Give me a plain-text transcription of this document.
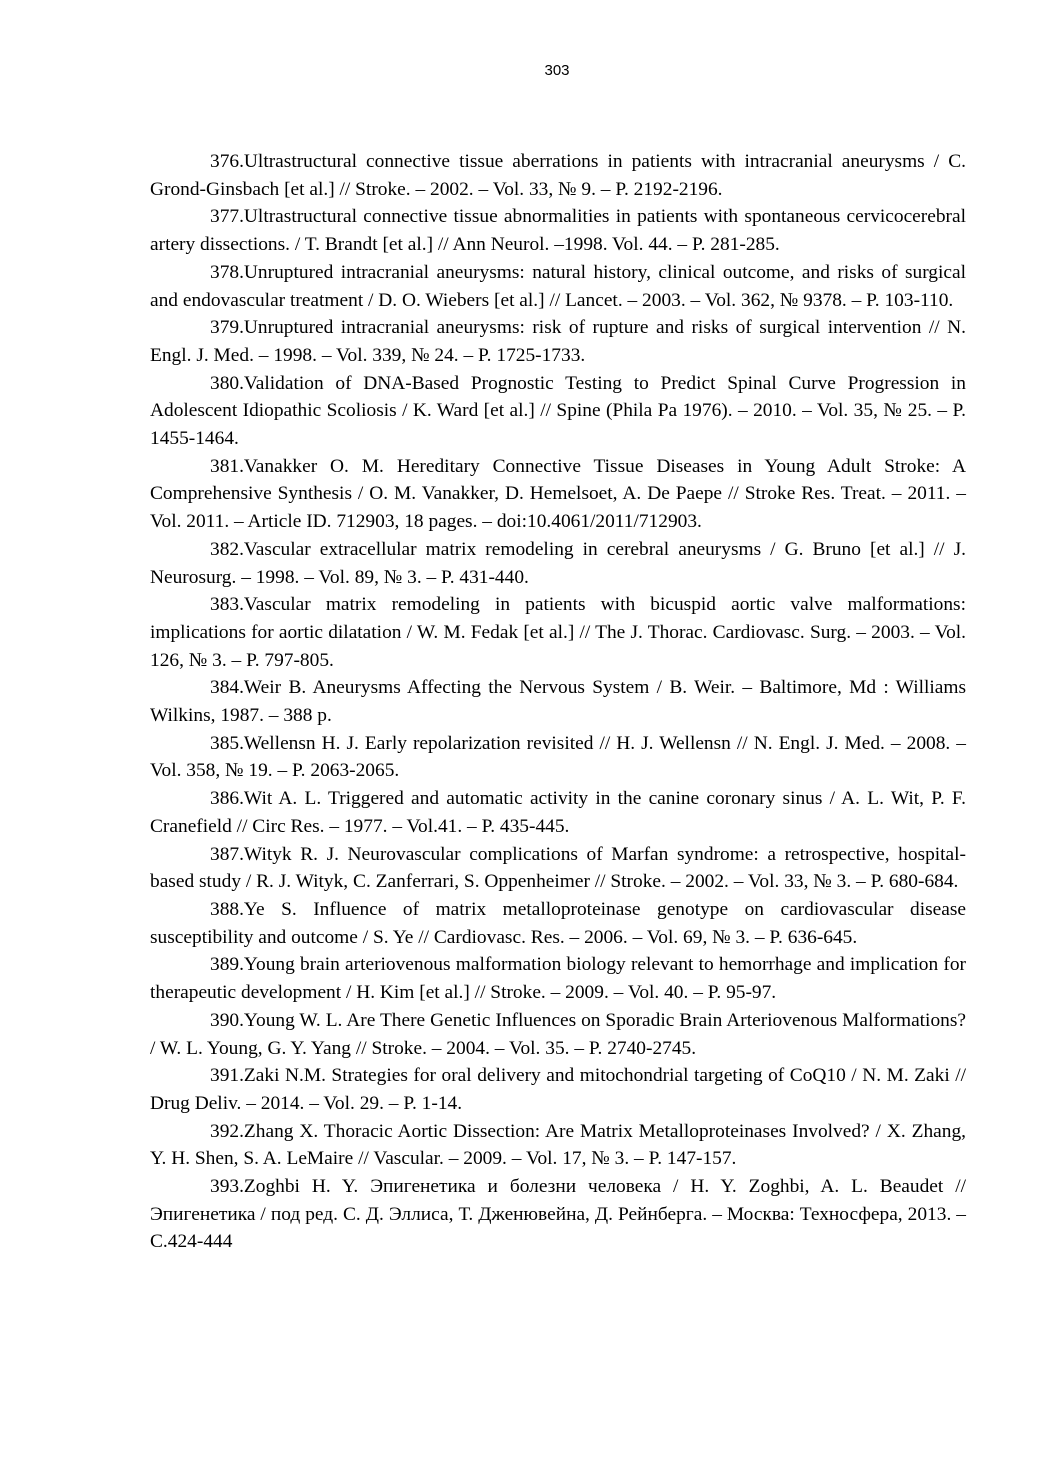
303

376.Ultrastructural connective tissue aberrations in patients with intracranial aneurysms / C. Grond-Ginsbach [et al.] // Stroke. – 2002. – Vol. 33, № 9. – P. 2192-2196.

377.Ultrastructural connective tissue abnormalities in patients with spontaneous cervicocerebral artery dissections. / T. Brandt [et al.] // Ann Neurol. –1998. Vol. 44. – P. 281-285.

378.Unruptured intracranial aneurysms: natural history, clinical outcome, and risks of surgical and endovascular treatment / D. O. Wiebers [et al.] // Lancet. – 2003. – Vol. 362, № 9378. – P. 103-110.

379.Unruptured intracranial aneurysms: risk of rupture and risks of surgical intervention // N. Engl. J. Med. – 1998. – Vol. 339, № 24. – P. 1725-1733.

380.Validation of DNA-Based Prognostic Testing to Predict Spinal Curve Progression in Adolescent Idiopathic Scoliosis / K. Ward [et al.] // Spine (Phila Pa 1976). – 2010. – Vol. 35, № 25. – P. 1455-1464.

381.Vanakker O. M. Hereditary Connective Tissue Diseases in Young Adult Stroke: A Comprehensive Synthesis / O. M. Vanakker, D. Hemelsoet, A. De Paepe // Stroke Res. Treat. – 2011. – Vol. 2011. – Article ID. 712903, 18 pages. – doi:10.4061/2011/712903.

382.Vascular extracellular matrix remodeling in cerebral aneurysms / G. Bruno [et al.] // J. Neurosurg. – 1998. – Vol. 89, № 3. – P. 431-440.

383.Vascular matrix remodeling in patients with bicuspid aortic valve malformations: implications for aortic dilatation / W. M. Fedak [et al.] // The J. Thorac. Cardiovasc. Surg. – 2003. – Vol. 126, № 3. – P. 797-805.

384.Weir B. Aneurysms Affecting the Nervous System / B. Weir. – Baltimore, Md : Williams Wilkins, 1987. – 388 p.

385.Wellensn H. J. Early repolarization revisited // H. J. Wellensn // N. Engl. J. Med. – 2008. – Vol. 358, № 19. – P. 2063-2065.

386.Wit A. L. Triggered and automatic activity in the canine coronary sinus / A. L. Wit, P. F. Cranefield // Circ Res. – 1977. – Vol.41. – P. 435-445.

387.Wityk R. J. Neurovascular complications of Marfan syndrome: a retrospective, hospital-based study / R. J. Wityk, C. Zanferrari, S. Oppenheimer // Stroke. – 2002. – Vol. 33, № 3. – P. 680-684.

388.Ye S. Influence of matrix metalloproteinase genotype on cardiovascular disease susceptibility and outcome / S. Ye // Cardiovasc. Res. – 2006. – Vol. 69, № 3. – P. 636-645.

389.Young brain arteriovenous malformation biology relevant to hemorrhage and implication for therapeutic development / H. Kim [et al.] // Stroke. – 2009. – Vol. 40. – P. 95-97.

390.Young W. L. Are There Genetic Influences on Sporadic Brain Arteriovenous Malformations? / W. L. Young, G. Y. Yang // Stroke. – 2004. – Vol. 35. – P. 2740-2745.

391.Zaki N.M. Strategies for oral delivery and mitochondrial targeting of CoQ10 / N. M. Zaki // Drug Deliv. – 2014. – Vol. 29. – P. 1-14.

392.Zhang X. Thoracic Aortic Dissection: Are Matrix Metalloproteinases Involved? / X. Zhang, Y. H. Shen, S. A. LeMaire // Vascular. – 2009. – Vol. 17, № 3. – P. 147-157.

393.Zoghbi H. Y. Эпигенетика и болезни человека / H. Y. Zoghbi, A. L. Beaudet // Эпигенетика / под ред. С. Д. Эллиса, Т. Дженювейна, Д. Рейнберга. – Москва: Техносфера, 2013. – С.424-444
